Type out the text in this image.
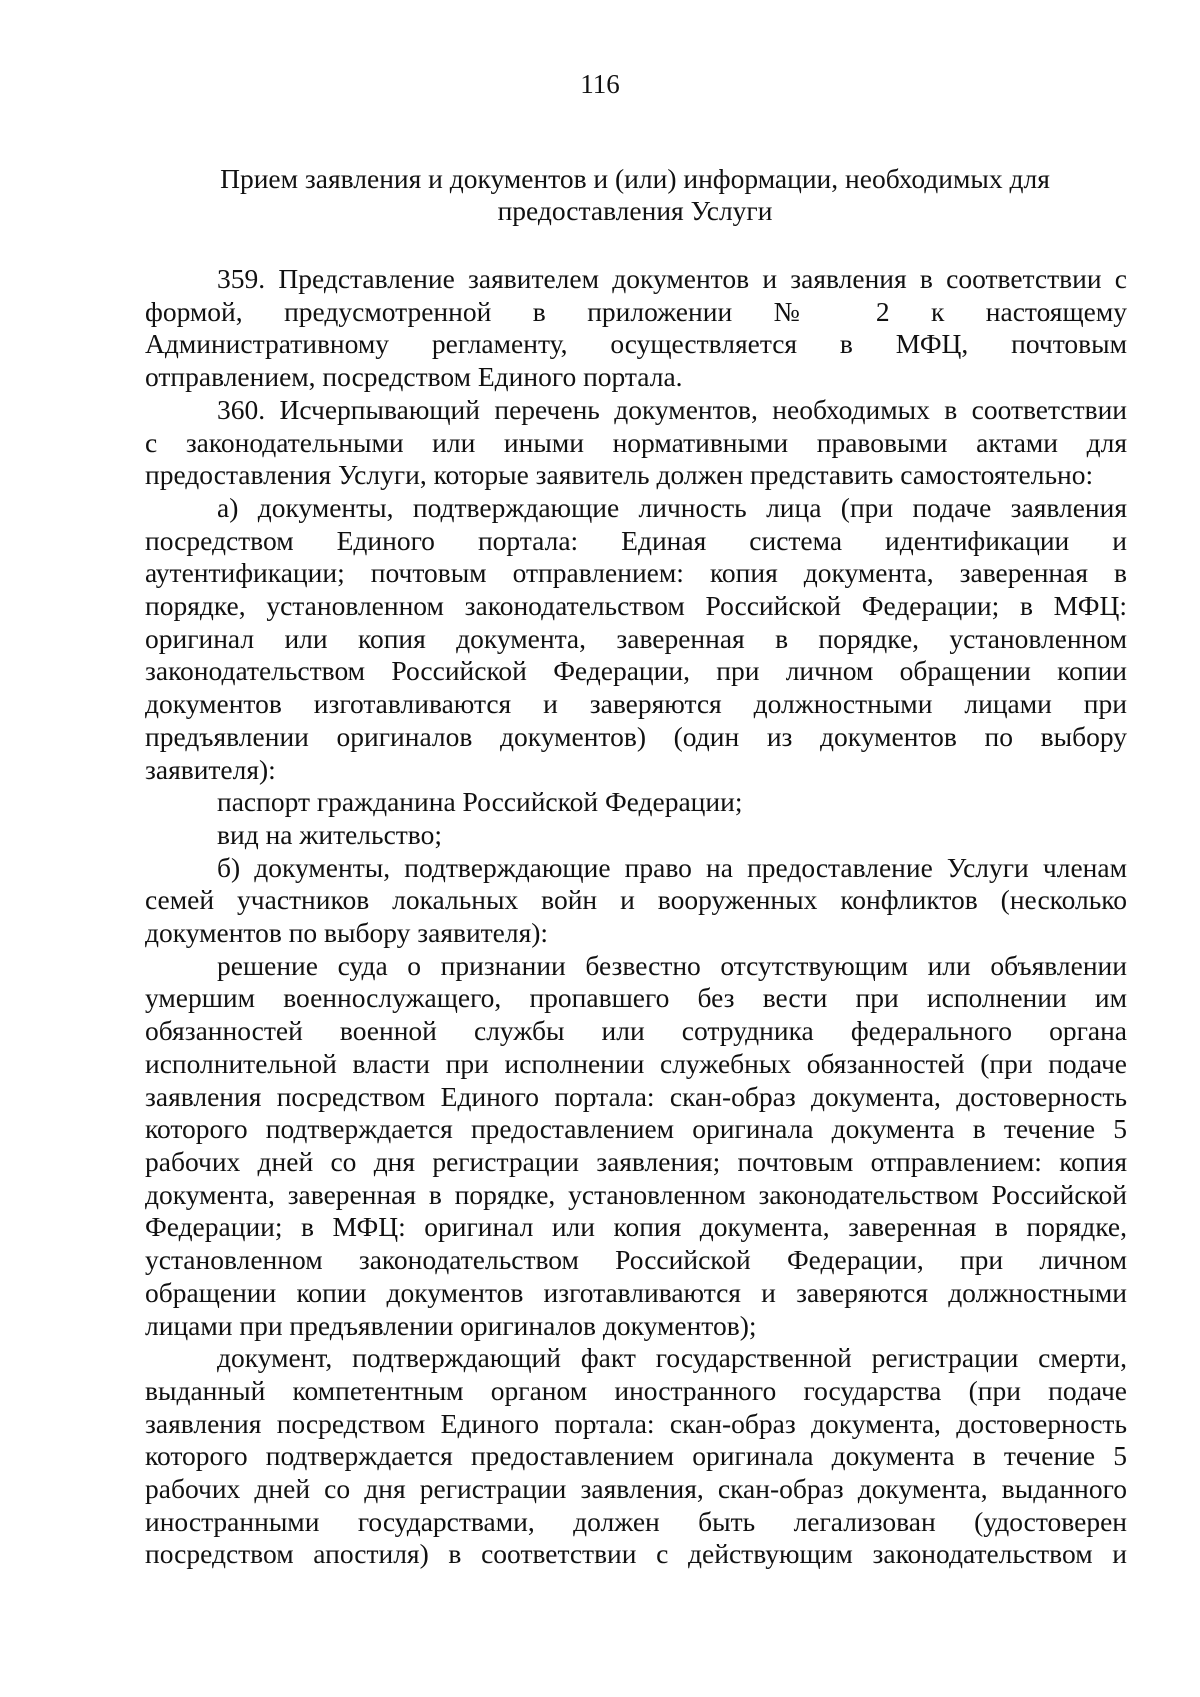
116
Прием заявления и документов и (или) информации, необходимых для
предоставления Услуги
359. Представление заявителем документов и заявления в соответствии с
формой, предусмотренной в приложении № 2 к настоящему
Административному регламенту, осуществляется в МФЦ, почтовым
отправлением, посредством Единого портала.
360. Исчерпывающий перечень документов, необходимых в соответствии
с законодательными или иными нормативными правовыми актами для
предоставления Услуги, которые заявитель должен представить самостоятельно:
а) документы, подтверждающие личность лица (при подаче заявления
посредством Единого портала: Единая система идентификации и
аутентификации; почтовым отправлением: копия документа, заверенная в
порядке, установленном законодательством Российской Федерации; в МФЦ:
оригинал или копия документа, заверенная в порядке, установленном
законодательством Российской Федерации, при личном обращении копии
документов изготавливаются и заверяются должностными лицами при
предъявлении оригиналов документов) (один из документов по выбору
заявителя):
паспорт гражданина Российской Федерации;
вид на жительство;
б) документы, подтверждающие право на предоставление Услуги членам
семей участников локальных войн и вооруженных конфликтов (несколько
документов по выбору заявителя):
решение суда о признании безвестно отсутствующим или объявлении
умершим военнослужащего, пропавшего без вести при исполнении им
обязанностей военной службы или сотрудника федерального органа
исполнительной власти при исполнении служебных обязанностей (при подаче
заявления посредством Единого портала: скан-образ документа, достоверность
которого подтверждается предоставлением оригинала документа в течение 5
рабочих дней со дня регистрации заявления; почтовым отправлением: копия
документа, заверенная в порядке, установленном законодательством Российской
Федерации; в МФЦ: оригинал или копия документа, заверенная в порядке,
установленном законодательством Российской Федерации, при личном
обращении копии документов изготавливаются и заверяются должностными
лицами при предъявлении оригиналов документов);
документ, подтверждающий факт государственной регистрации смерти,
выданный компетентным органом иностранного государства (при подаче
заявления посредством Единого портала: скан-образ документа, достоверность
которого подтверждается предоставлением оригинала документа в течение 5
рабочих дней со дня регистрации заявления, скан-образ документа, выданного
иностранными государствами, должен быть легализован (удостоверен
посредством апостиля) в соответствии с действующим законодательством и
